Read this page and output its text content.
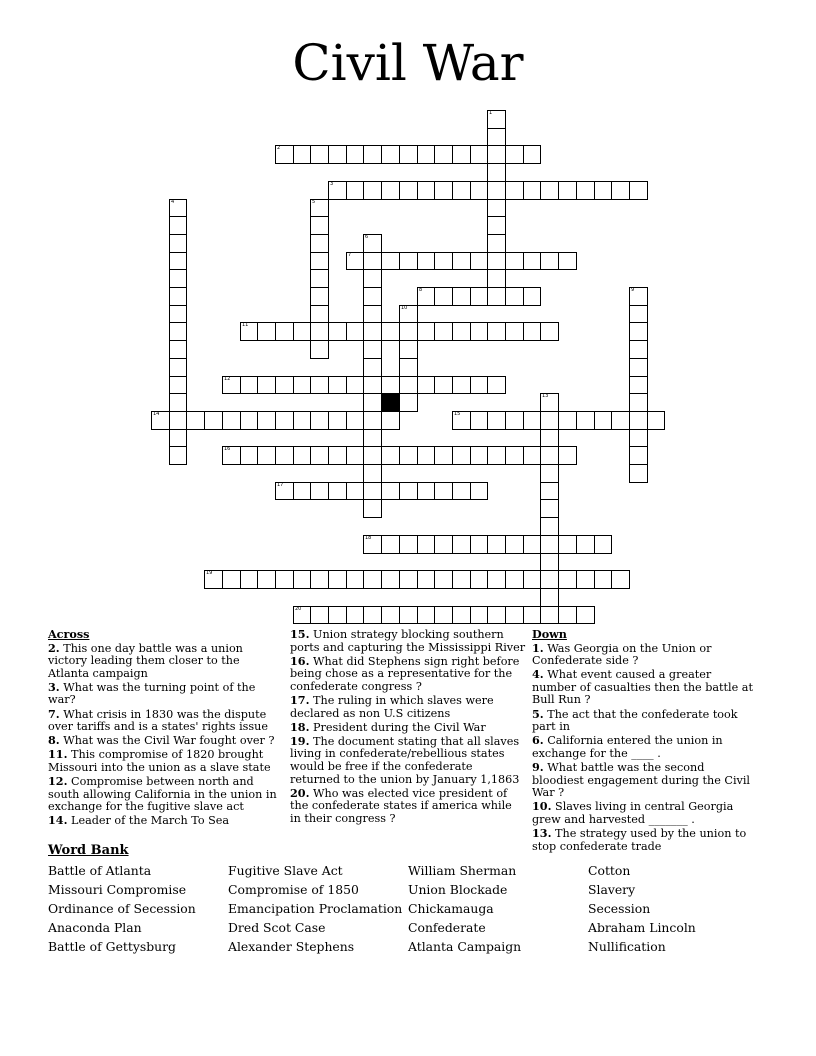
Civil War
1
2
3
4	5
6
7
8	9
10
11
12
13
14	15
16
17
18
19
20
Across
2. This one day battle was a union victory leading them closer to the Atlanta campaign
3. What was the turning point of the war?
7. What crisis in 1830 was the dispute over tariffs and is a states' rights issue
8. What was the Civil War fought over ?
11. This compromise of 1820 brought Missouri into the union as a slave state
12. Compromise between north and south allowing California in the union in exchange for the fugitive slave act
14. Leader of the March To Sea
15. Union strategy blocking southern ports and capturing the Mississippi River
16. What did Stephens sign right before being chose as a representative for the confederate congress ?
17. The ruling in which slaves were declared as non U.S citizens
18. President during the Civil War
19. The document stating that all slaves living in confederate/rebellious states would be free if the confederate returned to the union by January 1,1863
20. Who was elected vice president of the confederate states if america while in their congress ?
Down
1. Was Georgia on the Union or Confederate side ?
4. What event caused a greater number of casualties then the battle at Bull Run ?
5. The act that the confederate took part in
6. California entered the union in exchange for the ____ .
9. What battle was the second bloodiest engagement during the Civil War ?
10. Slaves living in central Georgia grew and harvested _______ .
13. The strategy used by the union to stop confederate trade
Word Bank
Battle of Atlanta
Missouri Compromise
Ordinance of Secession
Anaconda Plan
Battle of Gettysburg
Fugitive Slave Act
Compromise of 1850
Emancipation Proclamation
Dred Scot Case
Alexander Stephens
William Sherman
Union Blockade
Chickamauga
Confederate
Atlanta Campaign
Cotton
Slavery
Secession
Abraham Lincoln
Nullification
